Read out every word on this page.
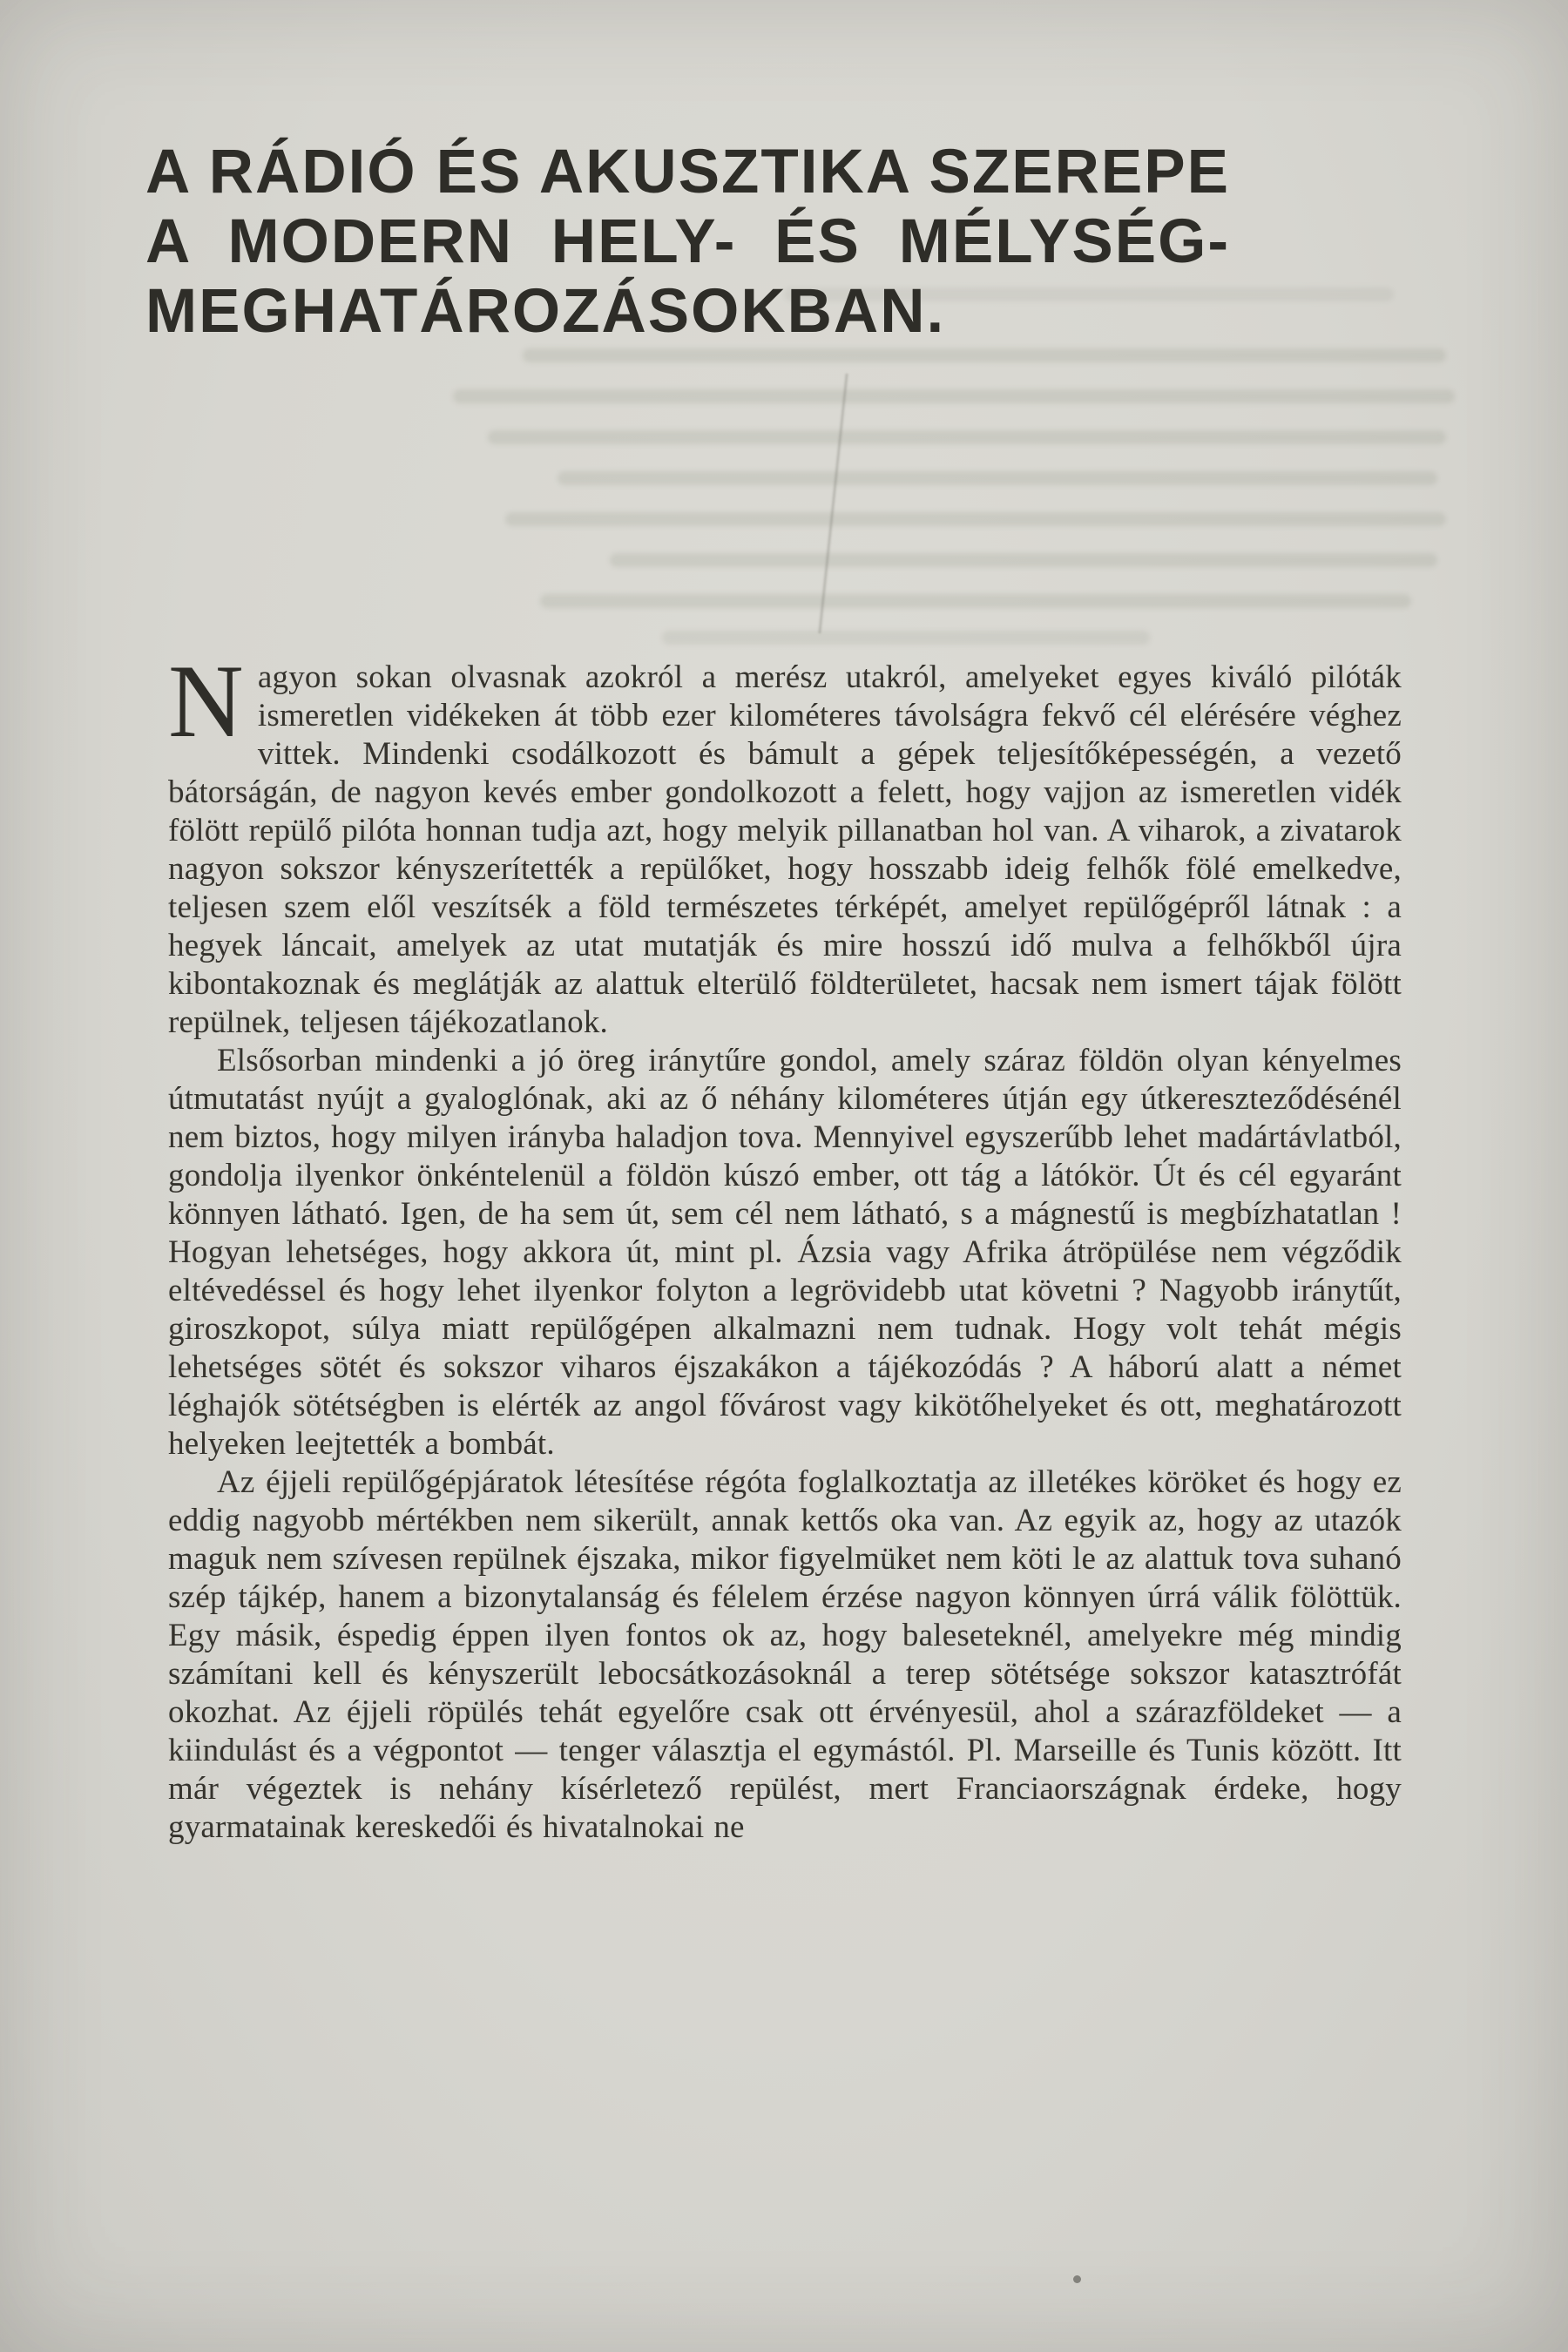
A RÁDIÓ ÉS AKUSZTIKA SZEREPE
A MODERN HELY- ÉS MÉLYSÉG-
MEGHATÁROZÁSOKBAN.

Nagyon sokan olvasnak azokról a merész utakról, amelyeket egyes kiváló pilóták ismeretlen vidékeken át több ezer kilométeres távolságra fekvő cél elérésére véghez vittek. Mindenki csodálkozott és bámult a gépek teljesítőképességén, a vezető bátorságán, de nagyon kevés ember gondolkozott a felett, hogy vajjon az ismeretlen vidék fölött repülő pilóta honnan tudja azt, hogy melyik pillanatban hol van. A viharok, a zivatarok nagyon sokszor kényszerítették a repülőket, hogy hosszabb ideig felhők fölé emelkedve, teljesen szem elől veszítsék a föld természetes térképét, amelyet repülőgépről látnak : a hegyek láncait, amelyek az utat mutatják és mire hosszú idő mulva a felhőkből újra kibontakoznak és meglátják az alattuk elterülő földterületet, hacsak nem ismert tájak fölött repülnek, teljesen tájékozatlanok.

Elsősorban mindenki a jó öreg iránytűre gondol, amely száraz földön olyan kényelmes útmutatást nyújt a gyaloglónak, aki az ő néhány kilométeres útján egy útkereszteződésénél nem biztos, hogy milyen irányba haladjon tova. Mennyivel egyszerűbb lehet madártávlatból, gondolja ilyenkor önkéntelenül a földön kúszó ember, ott tág a látókör. Út és cél egyaránt könnyen látható. Igen, de ha sem út, sem cél nem látható, s a mágnestű is megbízhatatlan ! Hogyan lehetséges, hogy akkora út, mint pl. Ázsia vagy Afrika átröpülése nem végződik eltévedéssel és hogy lehet ilyenkor folyton a legrövidebb utat követni ? Nagyobb iránytűt, giroszkopot, súlya miatt repülőgépen alkalmazni nem tudnak. Hogy volt tehát mégis lehetséges sötét és sokszor viharos éjszakákon a tájékozódás ? A háború alatt a német léghajók sötétségben is elérték az angol fővárost vagy kikötőhelyeket és ott, meghatározott helyeken leejtették a bombát.

Az éjjeli repülőgépjáratok létesítése régóta foglalkoztatja az illetékes köröket és hogy ez eddig nagyobb mértékben nem sikerült, annak kettős oka van. Az egyik az, hogy az utazók maguk nem szívesen repülnek éjszaka, mikor figyelmüket nem köti le az alattuk tova suhanó szép tájkép, hanem a bizonytalanság és félelem érzése nagyon könnyen úrrá válik fölöttük. Egy másik, éspedig éppen ilyen fontos ok az, hogy baleseteknél, amelyekre még mindig számítani kell és kényszerült lebocsátkozásoknál a terep sötétsége sokszor katasztrófát okozhat. Az éjjeli röpülés tehát egyelőre csak ott érvényesül, ahol a szárazföldeket — a kiindulást és a végpontot — tenger választja el egymástól. Pl. Marseille és Tunis között. Itt már végeztek is nehány kísérletező repülést, mert Franciaországnak érdeke, hogy gyarmatainak kereskedői és hivatalnokai ne
